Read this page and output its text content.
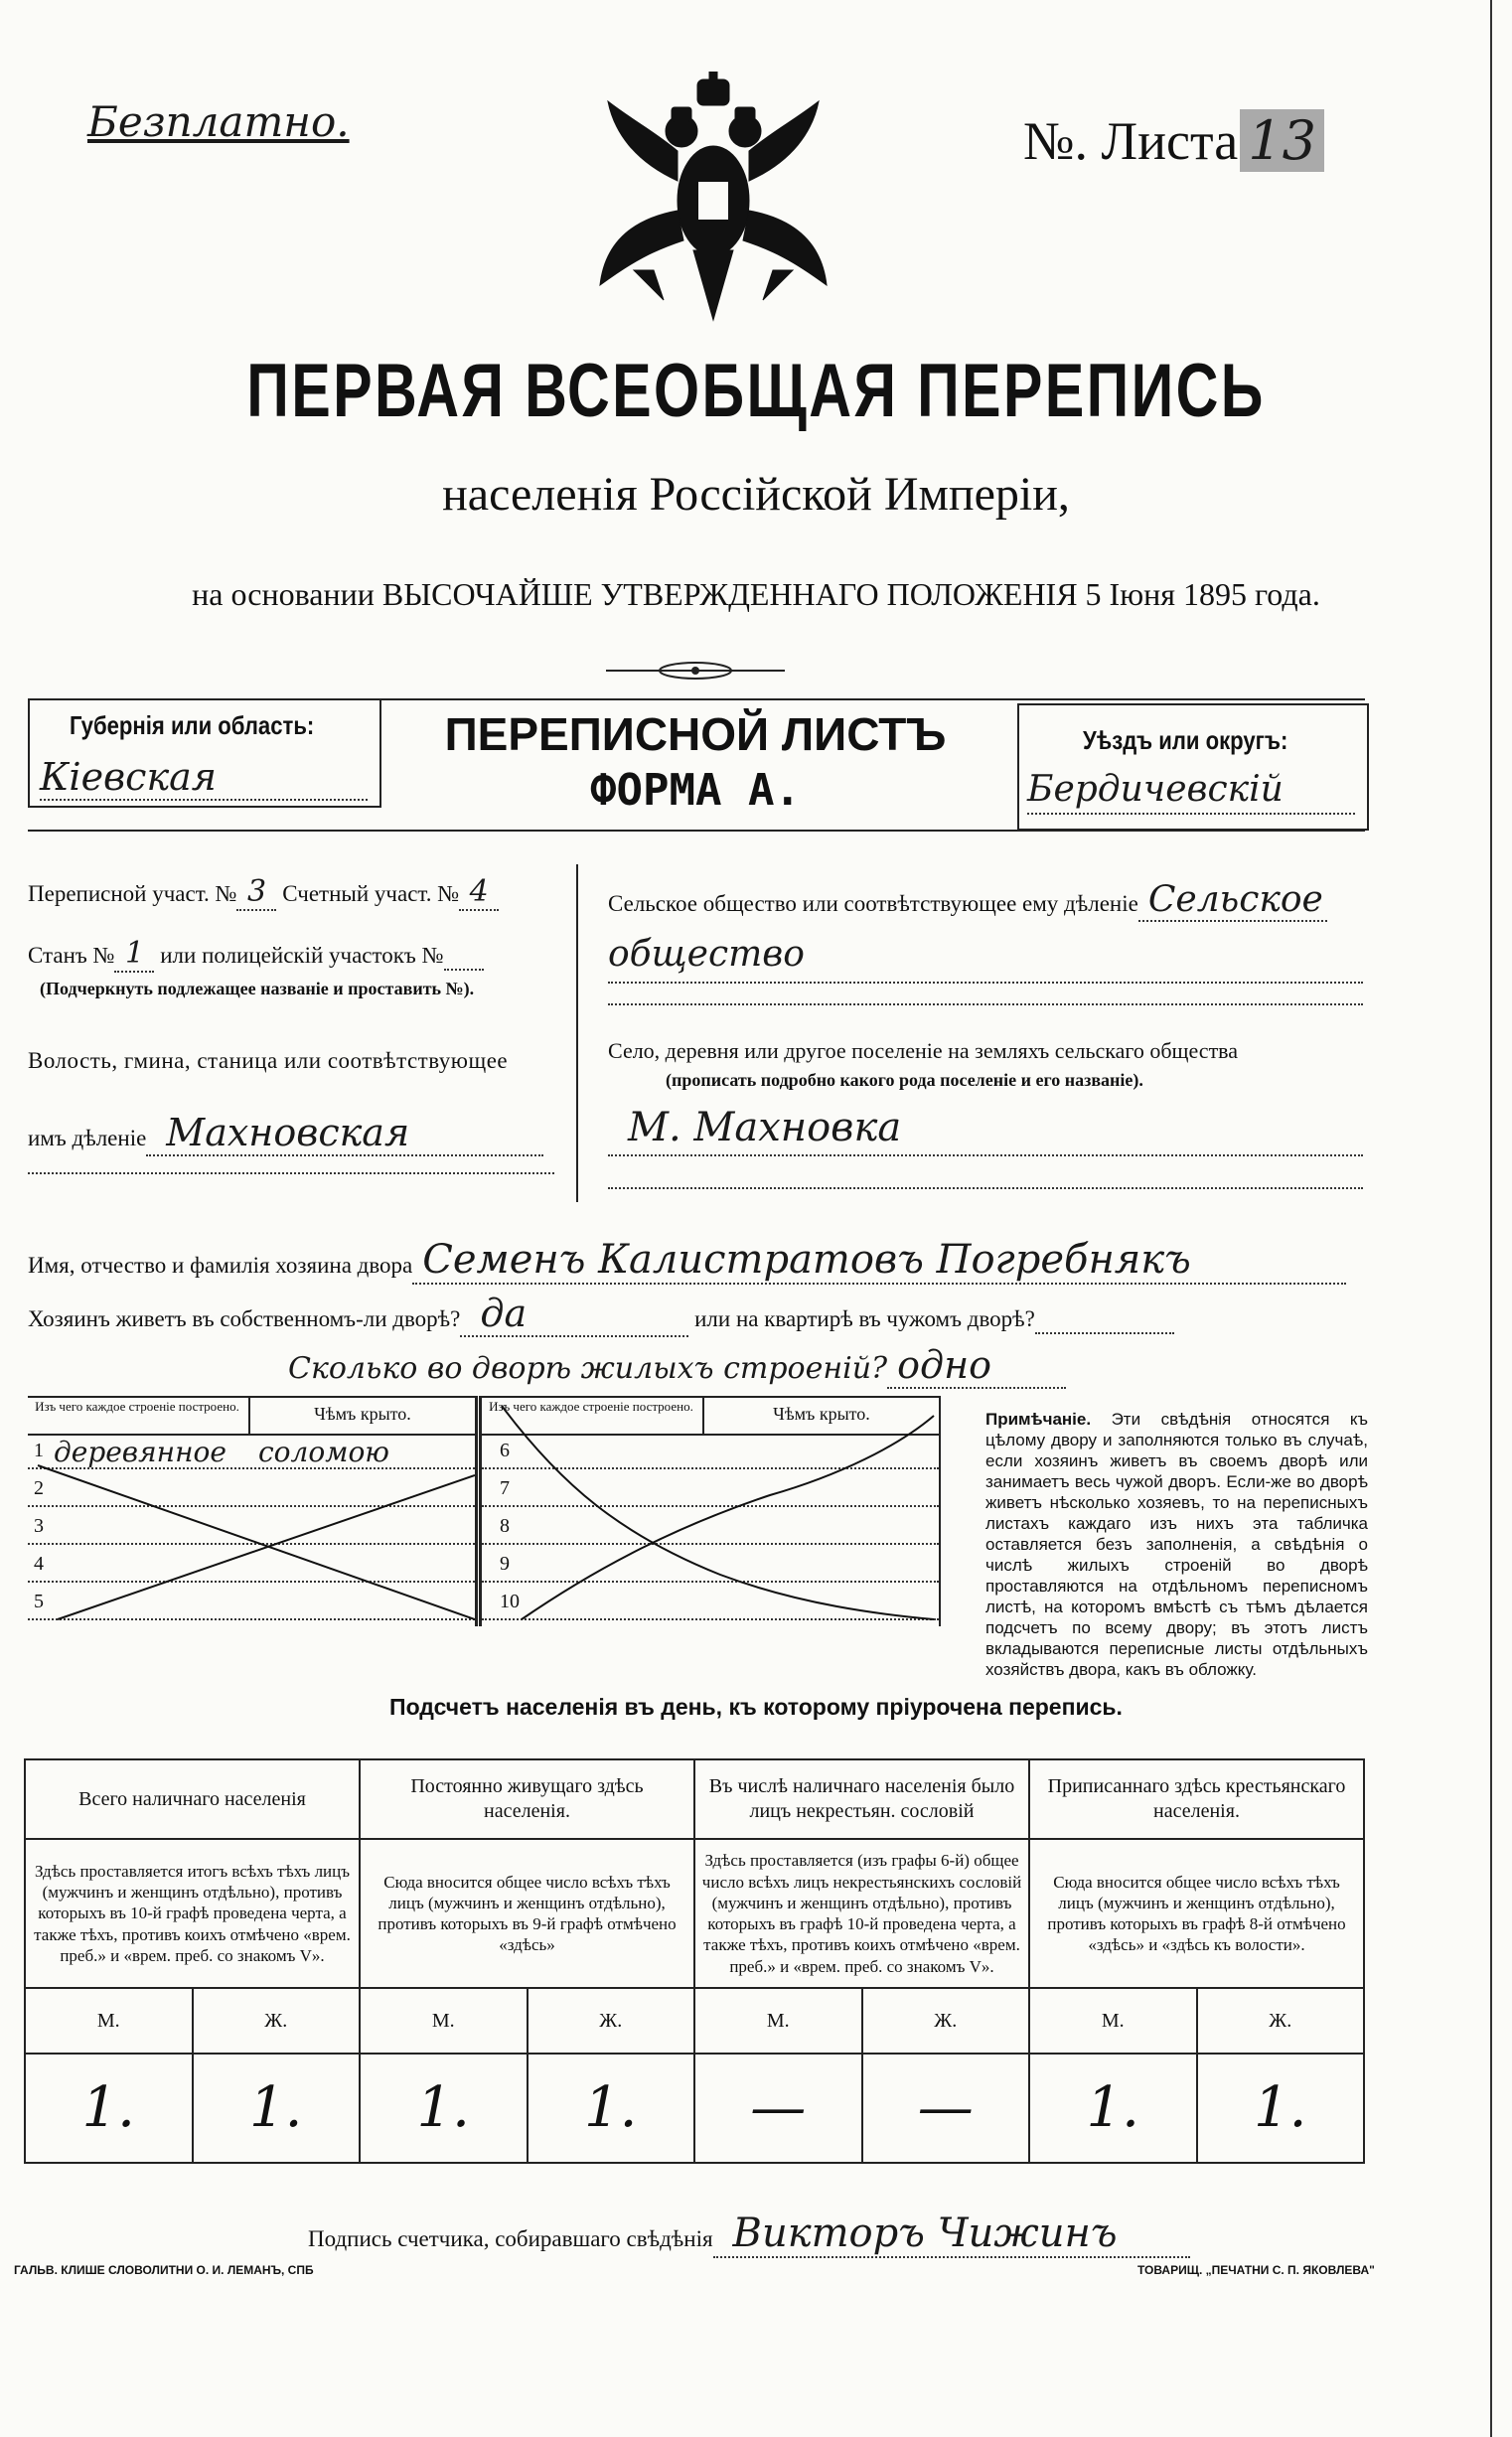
Безплатно.	№. Листа 13
ПЕРВАЯ ВСЕОБЩАЯ ПЕРЕПИСЬ
населенія Россійской Имперіи,
на основании ВЫСОЧАЙШЕ УТВЕРЖДЕННАГО ПОЛОЖЕНІЯ 5 Іюня 1895 года.
Губернія или область:
Кіевская
ПЕРЕПИСНОЙ ЛИСТЪ
ФОРМА А.
Уѣздъ или округъ:
Бердичевскій
Переписной участ. № 3 Счетный участ. № 4
Станъ № 1 или полицейскій участокъ №
(Подчеркнуть подлежащее названіе и проставить №).
Волость, гмина, станица или соотвѣтствующее
имъ дѣленіе Махновская
Сельское общество или соотвѣтствующее ему дѣленіе Сельское
общество
Село, деревня или другое поселеніе на земляхъ сельскаго общества
(прописать подробно какого рода поселеніе и его названіе).
М. Махновка
Имя, отчество и фамилія хозяина двора Семенъ Калистратовъ Погребнякъ
Хозяинъ живетъ въ собственномъ-ли дворѣ? да	или на квартирѣ въ чужомъ дворѣ?
Сколько во дворѣ жилыхъ строеній? одно
Изъ чего каждое строеніе построено.	Чѣмъ крыто.
1 деревянное соломою
2
3
4
5
Изъ чего каждое строеніе построено.	Чѣмъ крыто.
6
7
8
9
10
Примѣчаніе. Эти свѣдѣнія относятся къ цѣлому двору и заполняются только въ случаѣ, если хозяинъ живетъ въ своемъ дворѣ или занимаетъ весь чужой дворъ. Если-же во дворѣ живетъ нѣсколько хозяевъ, то на переписныхъ листахъ каждаго изъ нихъ эта табличка оставляется безъ заполненія, а свѣдѣнія о числѣ жилыхъ строеній во дворѣ проставляются на отдѣльномъ переписномъ листѣ, на которомъ вмѣстѣ съ тѣмъ дѣлается подсчетъ по всему двору; въ этотъ листъ вкладываются переписные листы отдѣльныхъ хозяйствъ двора, какъ въ обложку.
Подсчетъ населенія въ день, къ которому пріурочена перепись.
Всего наличнаго населенія		Постоянно живущаго здѣсь населенія.		Въ числѣ наличнаго населенія было лицъ некрестьян. сословій		Приписаннаго здѣсь крестьянскаго населенія.	
Здѣсь проставляется итогъ всѣхъ тѣхъ лицъ (мужчинъ и женщинъ отдѣльно), противъ которыхъ въ 10-й графѣ проведена черта, а также тѣхъ, противъ коихъ отмѣчено «врем. преб.» и «врем. преб. со знакомъ V».		Сюда вносится общее число всѣхъ тѣхъ лицъ (мужчинъ и женщинъ отдѣльно), противъ которыхъ въ 9-й графѣ отмѣчено «здѣсь»		Здѣсь проставляется (изъ графы 6-й) общее число всѣхъ лицъ некрестьянскихъ сословій (мужчинъ и женщинъ отдѣльно), противъ которыхъ въ графѣ 10-й проведена черта, а также тѣхъ, противъ коихъ отмѣчено «врем. преб.» и «врем. преб. со знакомъ V».		Сюда вносится общее число всѣхъ тѣхъ лицъ (мужчинъ и женщинъ отдѣльно), противъ которыхъ въ графѣ 8-й отмѣчено «здѣсь» и «здѣсь къ волости».	
М.	Ж.	М.	Ж.	М.	Ж.	М.	Ж.
1.	1.	1.	1.	—	—	1.	1.
Подпись счетчика, собиравшаго свѣдѣнія Викторъ Чижинъ
ГАЛЬВ. КЛИШЕ СЛОВОЛИТНИ О. И. ЛЕМАНЪ, СПБ	ТОВАРИЩ. „ПЕЧАТНИ С. П. ЯКОВЛЕВА"
